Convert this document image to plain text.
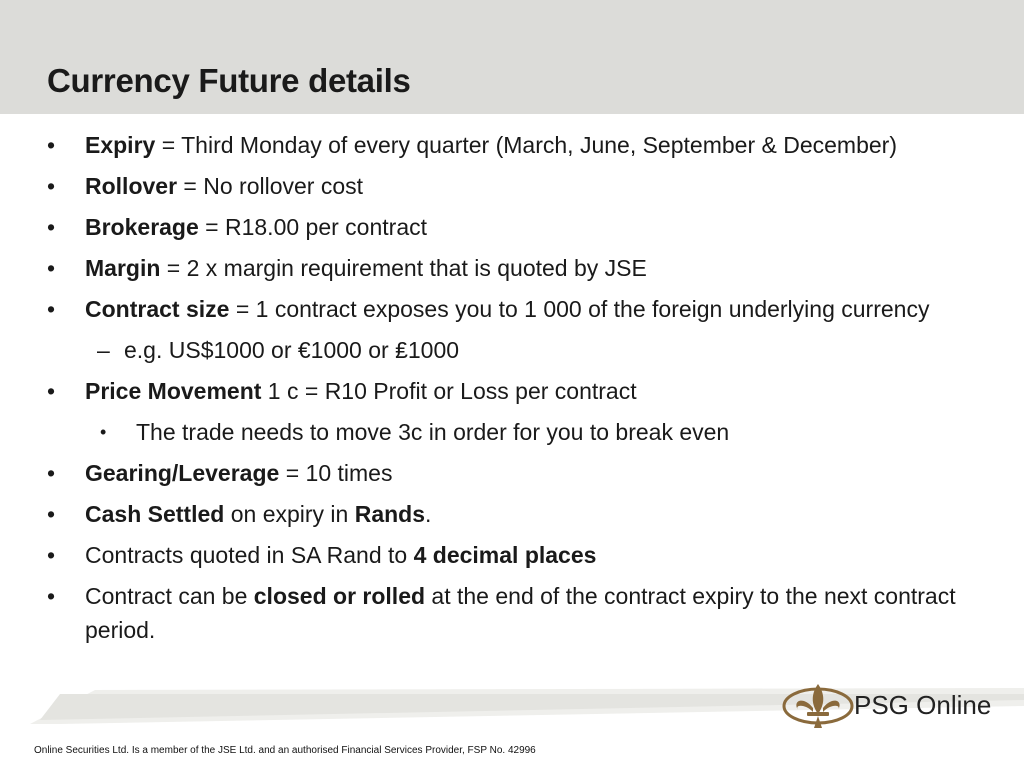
Currency Future details
• Expiry = Third Monday of every quarter (March, June, September & December)
• Rollover = No rollover cost
• Brokerage = R18.00 per contract
• Margin = 2 x margin requirement that is quoted by JSE
• Contract size = 1 contract exposes you to 1 000 of the foreign underlying currency
– e.g. US$1000 or €1000 or ₤1000
• Price Movement 1 c = R10 Profit or Loss per contract
• The trade needs to move 3c in order for you to break even
• Gearing/Leverage = 10 times
• Cash Settled on expiry in Rands.
• Contracts quoted in SA Rand to 4 decimal places
• Contract can be closed or rolled at the end of the contract expiry to the next contract period.
PSG Online
Online Securities Ltd. Is a member of the JSE Ltd. and an authorised Financial Services Provider, FSP No. 42996
